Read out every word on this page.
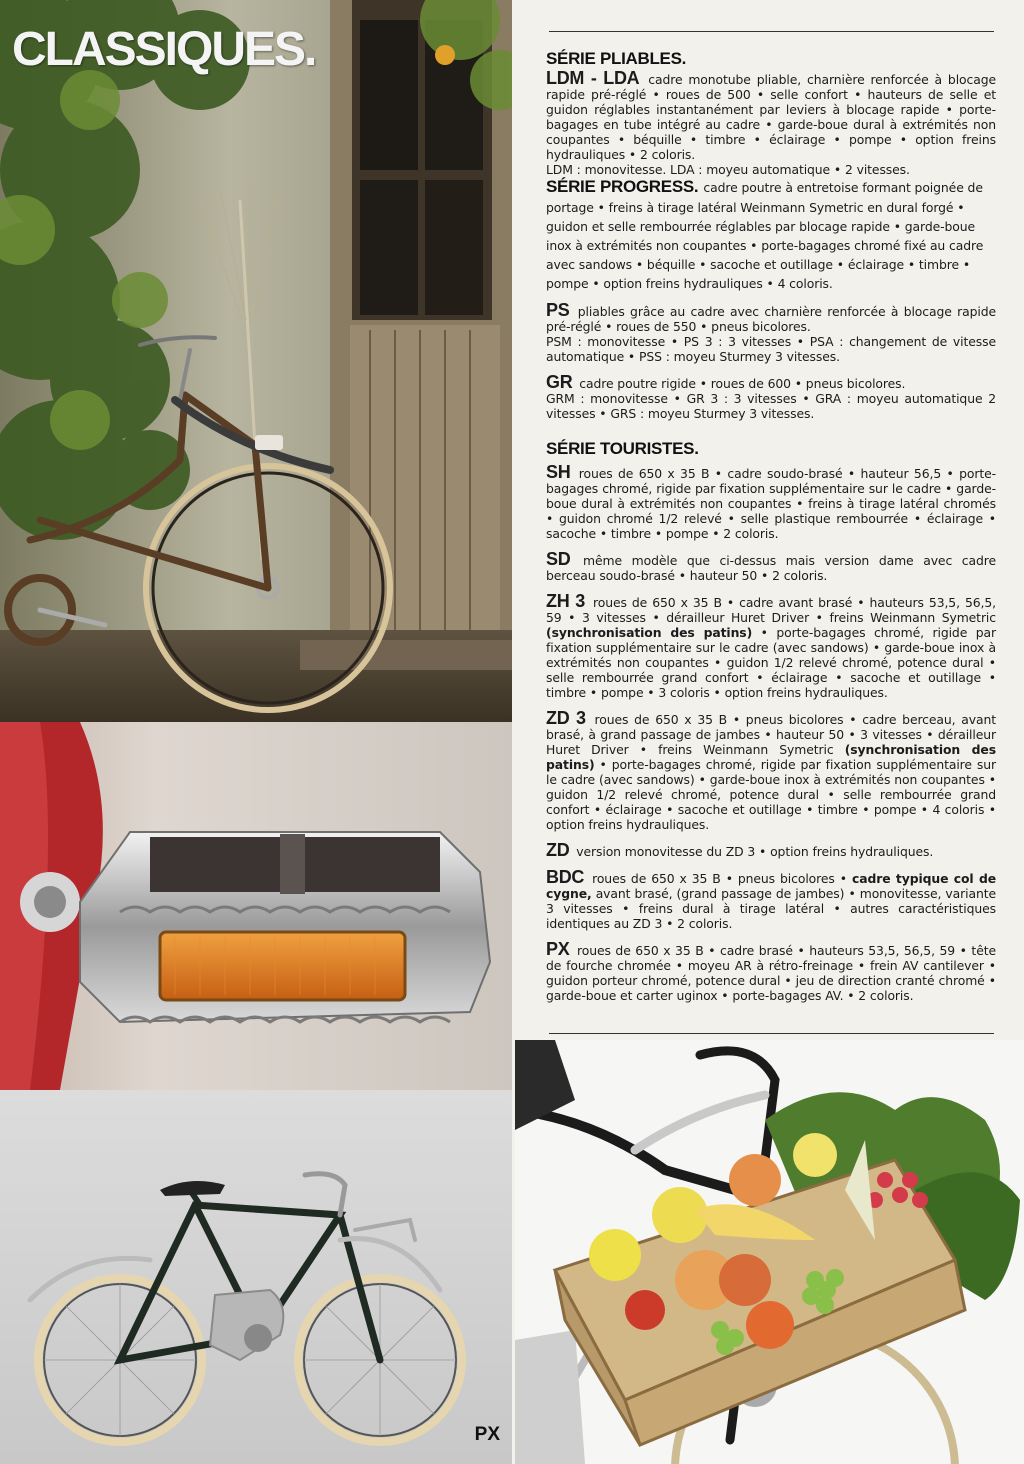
CLASSIQUES.
PX
SÉRIE PLIABLES.
LDM - LDA cadre monotube pliable, charnière renforcée à blocage rapide pré-réglé • roues de 500 • selle confort • hauteurs de selle et guidon réglables instantanément par leviers à blocage rapide • porte-bagages en tube intégré au cadre • garde-boue dural à extrémités non coupantes • béquille • timbre • éclairage • pompe • option freins hydrauliques • 2 coloris.
LDM : monovitesse. LDA : moyeu automatique • 2 vitesses.
SÉRIE PROGRESS. cadre poutre à entretoise formant poignée de portage • freins à tirage latéral Weinmann Symetric en dural forgé • guidon et selle rembourrée réglables par blocage rapide • garde-boue inox à extrémités non coupantes • porte-bagages chromé fixé au cadre avec sandows • béquille • sacoche et outillage • éclairage • timbre • pompe • option freins hydrauliques • 4 coloris.
PS pliables grâce au cadre avec charnière renforcée à blocage rapide pré-réglé • roues de 550 • pneus bicolores.
PSM : monovitesse • PS 3 : 3 vitesses • PSA : changement de vitesse automatique • PSS : moyeu Sturmey 3 vitesses.
GR cadre poutre rigide • roues de 600 • pneus bicolores.
GRM : monovitesse • GR 3 : 3 vitesses • GRA : moyeu automatique 2 vitesses • GRS : moyeu Sturmey 3 vitesses.
SÉRIE TOURISTES.
SH roues de 650 x 35 B • cadre soudo-brasé • hauteur 56,5 • porte-bagages chromé, rigide par fixation supplémentaire sur le cadre • garde-boue dural à extrémités non coupantes • freins à tirage latéral chromés • guidon chromé 1/2 relevé • selle plastique rembourrée • éclairage • sacoche • timbre • pompe • 2 coloris.
SD même modèle que ci-dessus mais version dame avec cadre berceau soudo-brasé • hauteur 50 • 2 coloris.
ZH 3 roues de 650 x 35 B • cadre avant brasé • hauteurs 53,5, 56,5, 59 • 3 vitesses • dérailleur Huret Driver • freins Weinmann Symetric (synchronisation des patins) • porte-bagages chromé, rigide par fixation supplémentaire sur le cadre (avec sandows) • garde-boue inox à extrémités non coupantes • guidon 1/2 relevé chromé, potence dural • selle rembourrée grand confort • éclairage • sacoche et outillage • timbre • pompe • 3 coloris • option freins hydrauliques.
ZD 3 roues de 650 x 35 B • pneus bicolores • cadre berceau, avant brasé, à grand passage de jambes • hauteur 50 • 3 vitesses • dérailleur Huret Driver • freins Weinmann Symetric (synchronisation des patins) • porte-bagages chromé, rigide par fixation supplémentaire sur le cadre (avec sandows) • garde-boue inox à extrémités non coupantes • guidon 1/2 relevé chromé, potence dural • selle rembourrée grand confort • éclairage • sacoche et outillage • timbre • pompe • 4 coloris • option freins hydrauliques.
ZD version monovitesse du ZD 3 • option freins hydrauliques.
BDC roues de 650 x 35 B • pneus bicolores • cadre typique col de cygne, avant brasé, (grand passage de jambes) • monovitesse, variante 3 vitesses • freins dural à tirage latéral • autres caractéristiques identiques au ZD 3 • 2 coloris.
PX roues de 650 x 35 B • cadre brasé • hauteurs 53,5, 56,5, 59 • tête de fourche chromée • moyeu AR à rétro-freinage • frein AV cantilever • guidon porteur chromé, potence dural • jeu de direction cranté chromé • garde-boue et carter uginox • porte-bagages AV. • 2 coloris.
